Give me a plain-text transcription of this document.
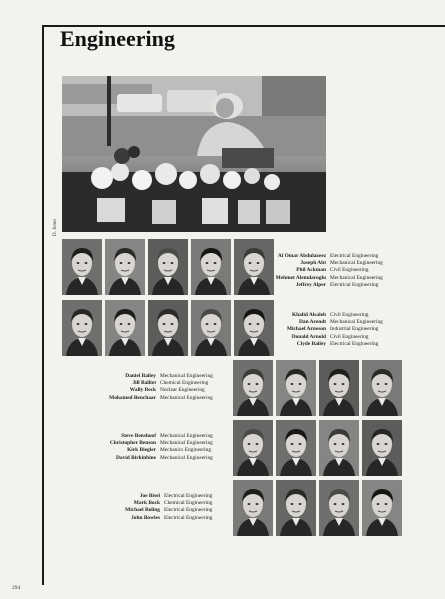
Engineering
D. Jones
Al Omar Abdulazeez Electrical Engineering
Joseph Abt Mechanical Engineering
Phil Ackman Civil Engineering
Mehmet Alemdaroglu Mechanical Engineering
Jeffrey Alper Electrical Engineering
Khalid Alsaleh Civil Engineering
Dan Arendt Mechanical Engineering
Michael Arneson Industrial Engineering
Donald Arnold Civil Engineering
Clyde Bailey Electrical Engineering
Daniel Bailey Mechanical Engineering
Jill Balliet Chemical Engineering
Wally Beck Nuclear Engineering
Mohamed Benchaar Mechanical Engineering
Steve Benshoof Mechanical Engineering
Christopher Benson Mechanical Engineering
Kirk Biegler Mechanics Engineering
David Birkinbine Mechanical Engineering
Joe Bisel Electrical Engineering
Mark Bock Chemical Engineering
Michael Boling Electrical Engineering
John Bowles Electrical Engineering
294
